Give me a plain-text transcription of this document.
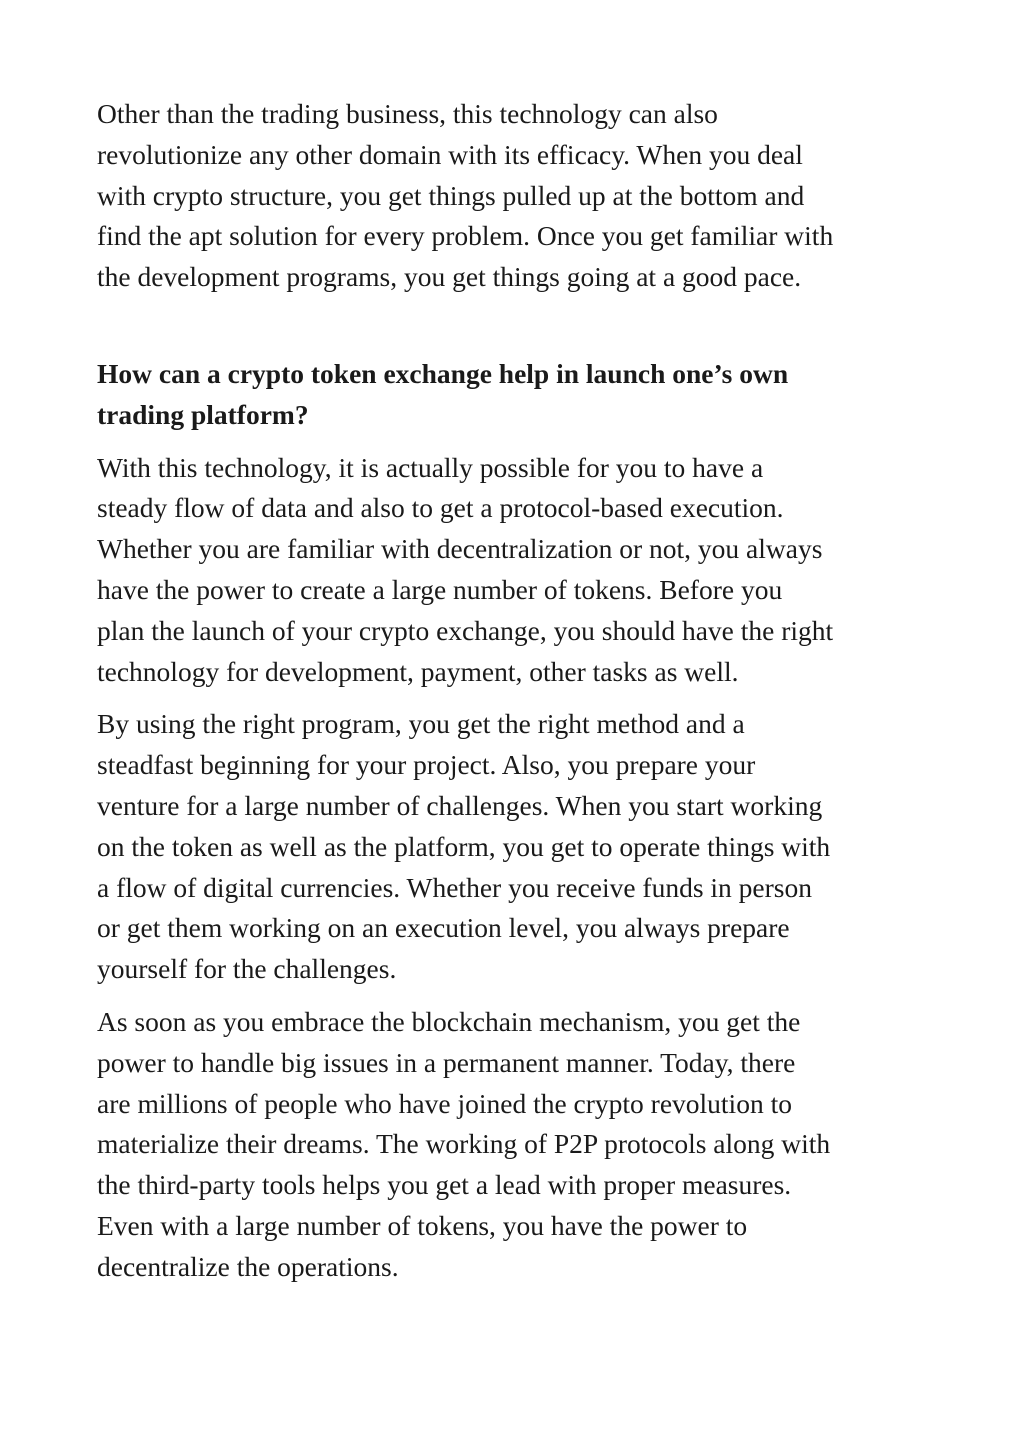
Other than the trading business, this technology can also
revolutionize any other domain with its efficacy. When you deal
with crypto structure, you get things pulled up at the bottom and
find the apt solution for every problem. Once you get familiar with
the development programs, you get things going at a good pace.

How can a crypto token exchange help in launch one’s own
trading platform?

With this technology, it is actually possible for you to have a
steady flow of data and also to get a protocol-based execution.
Whether you are familiar with decentralization or not, you always
have the power to create a large number of tokens. Before you
plan the launch of your crypto exchange, you should have the right
technology for development, payment, other tasks as well.

By using the right program, you get the right method and a
steadfast beginning for your project. Also, you prepare your
venture for a large number of challenges. When you start working
on the token as well as the platform, you get to operate things with
a flow of digital currencies. Whether you receive funds in person
or get them working on an execution level, you always prepare
yourself for the challenges.

As soon as you embrace the blockchain mechanism, you get the
power to handle big issues in a permanent manner. Today, there
are millions of people who have joined the crypto revolution to
materialize their dreams. The working of P2P protocols along with
the third-party tools helps you get a lead with proper measures.
Even with a large number of tokens, you have the power to
decentralize the operations.
